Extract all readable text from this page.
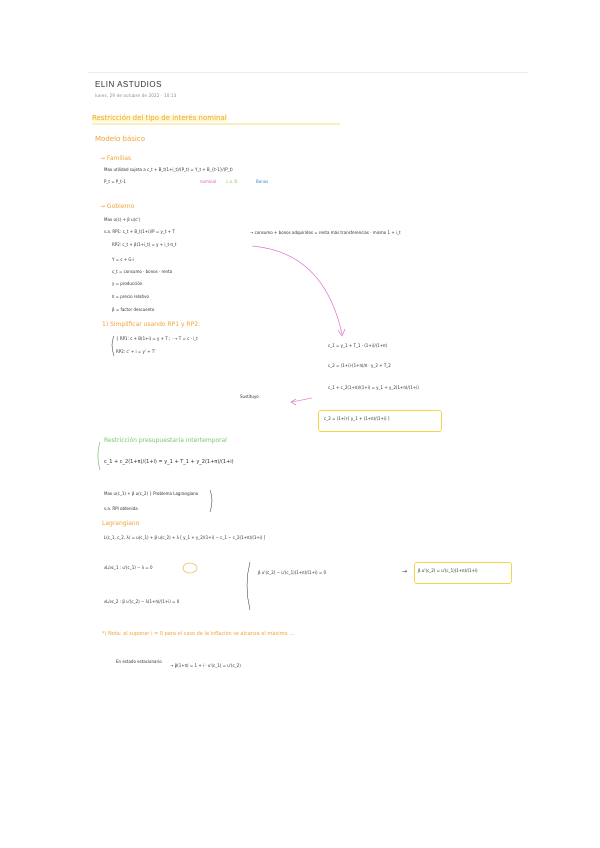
ELIN ASTUDIOS
lunes, 29 de octubre de 2022 · 10:13
Restricción del tipo de interés nominal
Modelo básico
→ Familias
Max utilidad sujeta a c_t + B_t(1+i_t)/(P_t) = Y_t + B_{t-1}/(P_t)
P_t = P_t-1	nominal c.o. B	Bonos
→ Gobierno
Max u(c) + β u(c')
s.a. RP1: c_t + B_t(1+i)/P = y_t + T	→ consumo + bonos adquiridos = renta más transferencias · mismo 1 + i_t
RP2: c_t + β(1+i_t) = y + i_t·π_t
Y = c + G·i
c_t = consumo · bonos · renta
y = producción
π = precio relativo
β = factor descuento
1) Simplificar usando RP1 y RP2:
{ RP1: c + B(1+i) = y + T ; · → T = c · i_t
RP2: c' + i = y' + T'
c_1 = y_1 + T_1 · (1+i)/(1+π)
c_2 = (1+i)·(1+π)/π · y_2 + T_2
c_1 + c_2(1+π)/(1+i) = y_1 + y_2(1+π)/(1+i)
c_2 = (1+i)·[ y_1 + (1+π)/(1+i) ]
Sustituyo
Restricción presupuestaria intertemporal
c_1 + c_2(1+π)/(1+i) = y_1 + T_1 + y_2(1+π)/(1+i)
Max u(c_1) + β u(c_2) } Problema Lagrangiano
s.a. RPI obtenida
Lagrangiano
L(c_1, c_2, λ) = u(c_1) + β u(c_2) + λ [ y_1 + y_2/(1+i) − c_1 − c_2(1+π)/(1+i) ]
∂L/∂c_1 : u'(c_1) − λ = 0
∂L/∂c_2 : β u'(c_2) − λ(1+π)/(1+i) = 0
β u'(c_2) − u'(c_1)(1+π)/(1+i) = 0	→	β u'(c_2) = u'(c_1)(1+π)/(1+i)
*) Nota: al suponer i = 0 para el caso de la inflación se alcanza el máximo ....
En estado estacionario
→ β(1+π) = 1 + i · u'(c_1) = u'(c_2)
